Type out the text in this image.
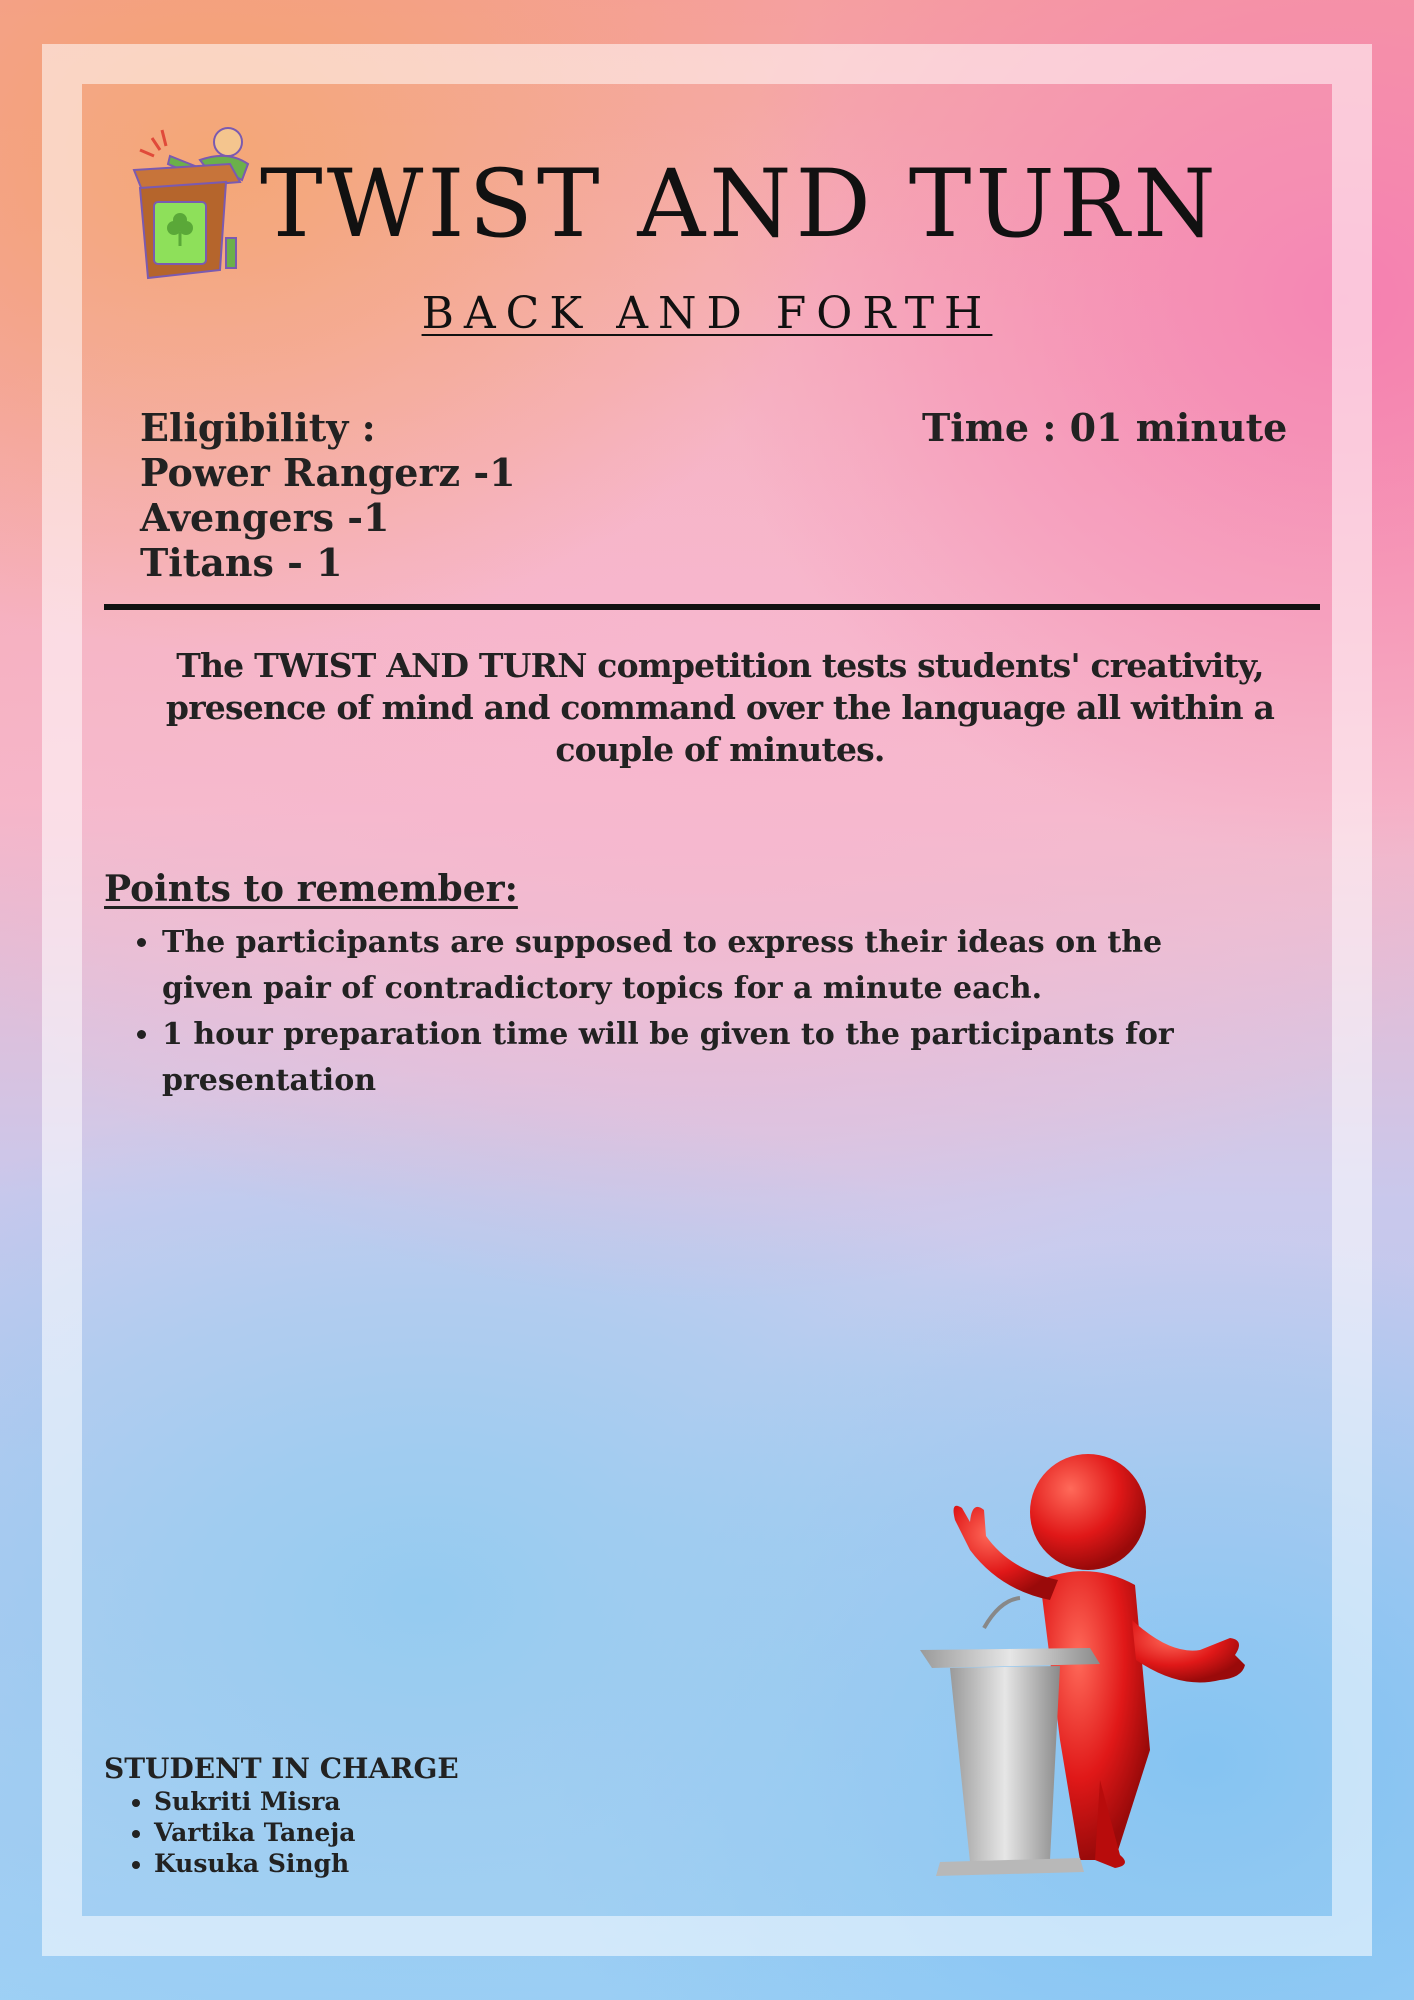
TWIST AND TURN
BACK AND FORTH
Eligibility :
Power Rangerz -1
Avengers -1
Titans - 1
Time : 01 minute
The TWIST AND TURN competition tests students' creativity, presence of mind and command over the language all within a couple of minutes.
Points to remember:
• The participants are supposed to express their ideas on the given pair of contradictory topics for a minute each.
• 1 hour preparation time will be given to the participants for presentation
STUDENT IN CHARGE
• Sukriti Misra
• Vartika Taneja
• Kusuka Singh
